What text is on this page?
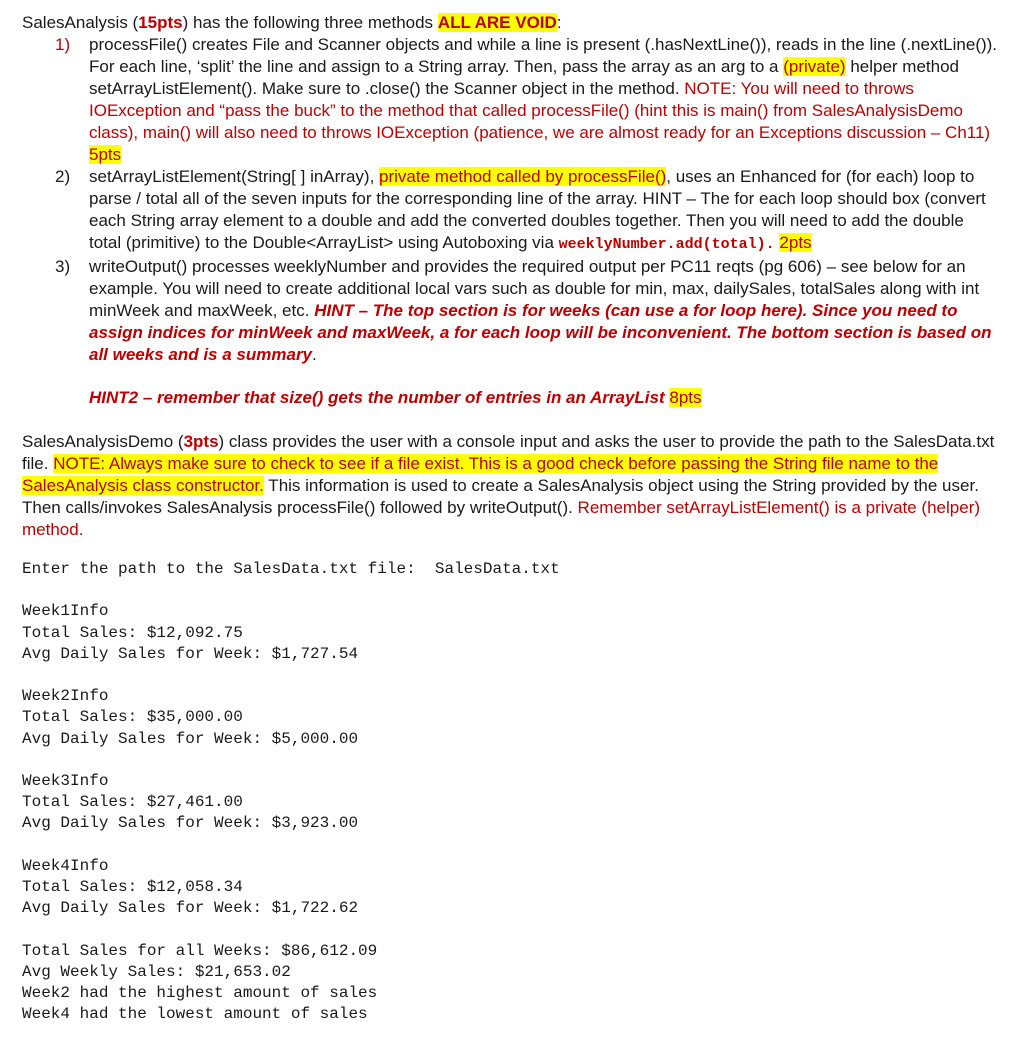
SalesAnalysis (15pts) has the following three methods ALL ARE VOID:

1) processFile() creates File and Scanner objects and while a line is present (.hasNextLine()), reads in the line (.nextLine()). For each line, ‘split’ the line and assign to a String array. Then, pass the array as an arg to a (private) helper method setArrayListElement(). Make sure to .close() the Scanner object in the method. NOTE: You will need to throws IOException and “pass the buck” to the method that called processFile() (hint this is main() from SalesAnalysisDemo class), main() will also need to throws IOException (patience, we are almost ready for an Exceptions discussion – Ch11) 5pts
2) setArrayListElement(String[ ] inArray), private method called by processFile(), uses an Enhanced for (for each) loop to parse / total all of the seven inputs for the corresponding line of the array. HINT – The for each loop should box (convert each String array element to a double and add the converted doubles together. Then you will need to add the double total (primitive) to the Double<ArrayList> using Autoboxing via weeklyNumber.add(total). 2pts
3) writeOutput() processes weeklyNumber and provides the required output per PC11 reqts (pg 606) – see below for an example. You will need to create additional local vars such as double for min, max, dailySales, totalSales along with int minWeek and maxWeek, etc. HINT – The top section is for weeks (can use a for loop here). Since you need to assign indices for minWeek and maxWeek, a for each loop will be inconvenient. The bottom section is based on all weeks and is a summary.

HINT2 – remember that size() gets the number of entries in an ArrayList 8pts

SalesAnalysisDemo (3pts) class provides the user with a console input and asks the user to provide the path to the SalesData.txt file. NOTE: Always make sure to check to see if a file exist. This is a good check before passing the String file name to the SalesAnalysis class constructor. This information is used to create a SalesAnalysis object using the String provided by the user. Then calls/invokes SalesAnalysis processFile() followed by writeOutput(). Remember setArrayListElement() is a private (helper) method.

Enter the path to the SalesData.txt file:  SalesData.txt
Week1Info
Total Sales: $12,092.75
Avg Daily Sales for Week: $1,727.54
Week2Info
Total Sales: $35,000.00
Avg Daily Sales for Week: $5,000.00
Week3Info
Total Sales: $27,461.00
Avg Daily Sales for Week: $3,923.00
Week4Info
Total Sales: $12,058.34
Avg Daily Sales for Week: $1,722.62
Total Sales for all Weeks: $86,612.09
Avg Weekly Sales: $21,653.02
Week2 had the highest amount of sales
Week4 had the lowest amount of sales
